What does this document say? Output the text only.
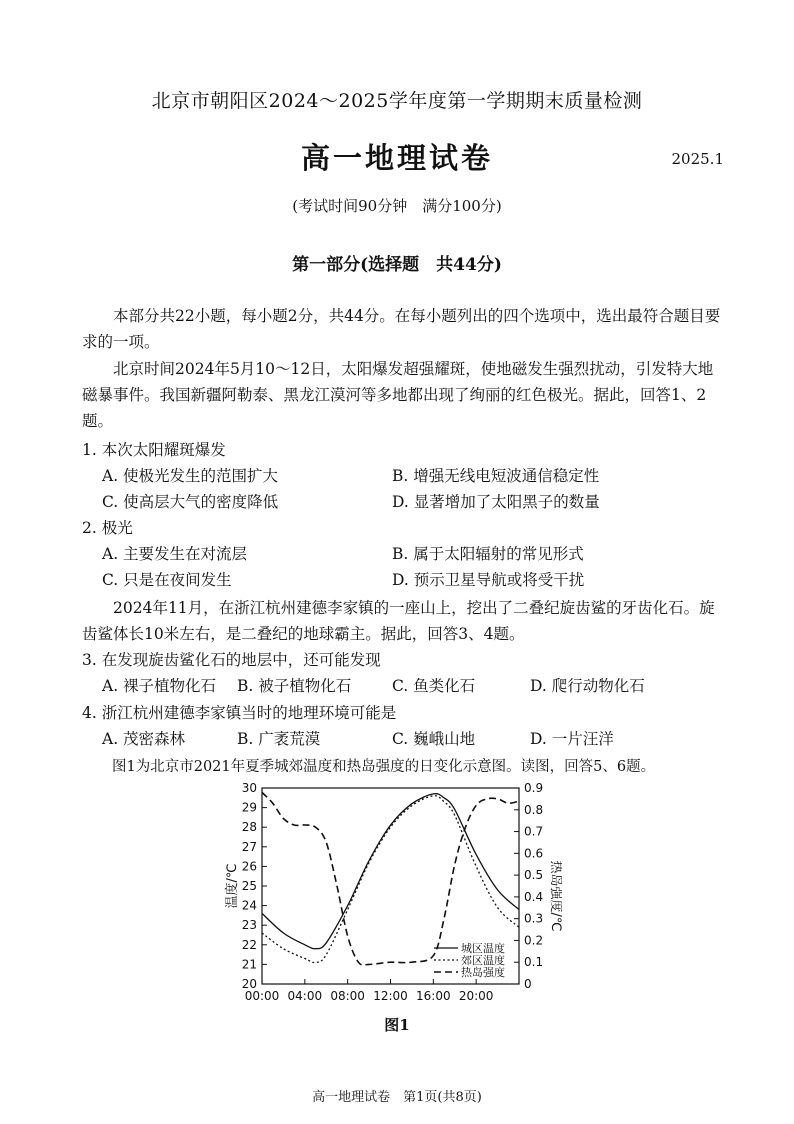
北京市朝阳区2024～2025学年度第一学期期末质量检测
高一地理试卷	2025.1
(考试时间90分钟　满分100分)
第一部分(选择题　共44分)
本部分共22小题，每小题2分，共44分。在每小题列出的四个选项中，选出最符合题目要求的一项。
北京时间2024年5月10～12日，太阳爆发超强耀斑，使地磁发生强烈扰动，引发特大地磁暴事件。我国新疆阿勒泰、黑龙江漠河等多地都出现了绚丽的红色极光。据此，回答1、2题。
1. 本次太阳耀斑爆发
A. 使极光发生的范围扩大	B. 增强无线电短波通信稳定性
C. 使高层大气的密度降低	D. 显著增加了太阳黑子的数量
2. 极光
A. 主要发生在对流层	B. 属于太阳辐射的常见形式
C. 只是在夜间发生	D. 预示卫星导航或将受干扰
2024年11月，在浙江杭州建德李家镇的一座山上，挖出了二叠纪旋齿鲨的牙齿化石。旋齿鲨体长10米左右，是二叠纪的地球霸主。据此，回答3、4题。
3. 在发现旋齿鲨化石的地层中，还可能发现
A. 裸子植物化石 B. 被子植物化石	C. 鱼类化石	D. 爬行动物化石
4. 浙江杭州建德李家镇当时的地理环境可能是
A. 茂密森林	B. 广袤荒漠	C. 巍峨山地	D. 一片汪洋
图1为北京市2021年夏季城郊温度和热岛强度的日变化示意图。读图，回答5、6题。
20
21
22
23
24
25
26
27
28
29
30
0
0.1
0.2
0.3
0.4
0.5
0.6
0.7
0.8
0.9
00:00 04:00 08:00 12:00 16:00 20:00
温度/℃	热岛强度/℃
城区温度
郊区温度
热岛强度
图1
高一地理试卷　第1页(共8页)
